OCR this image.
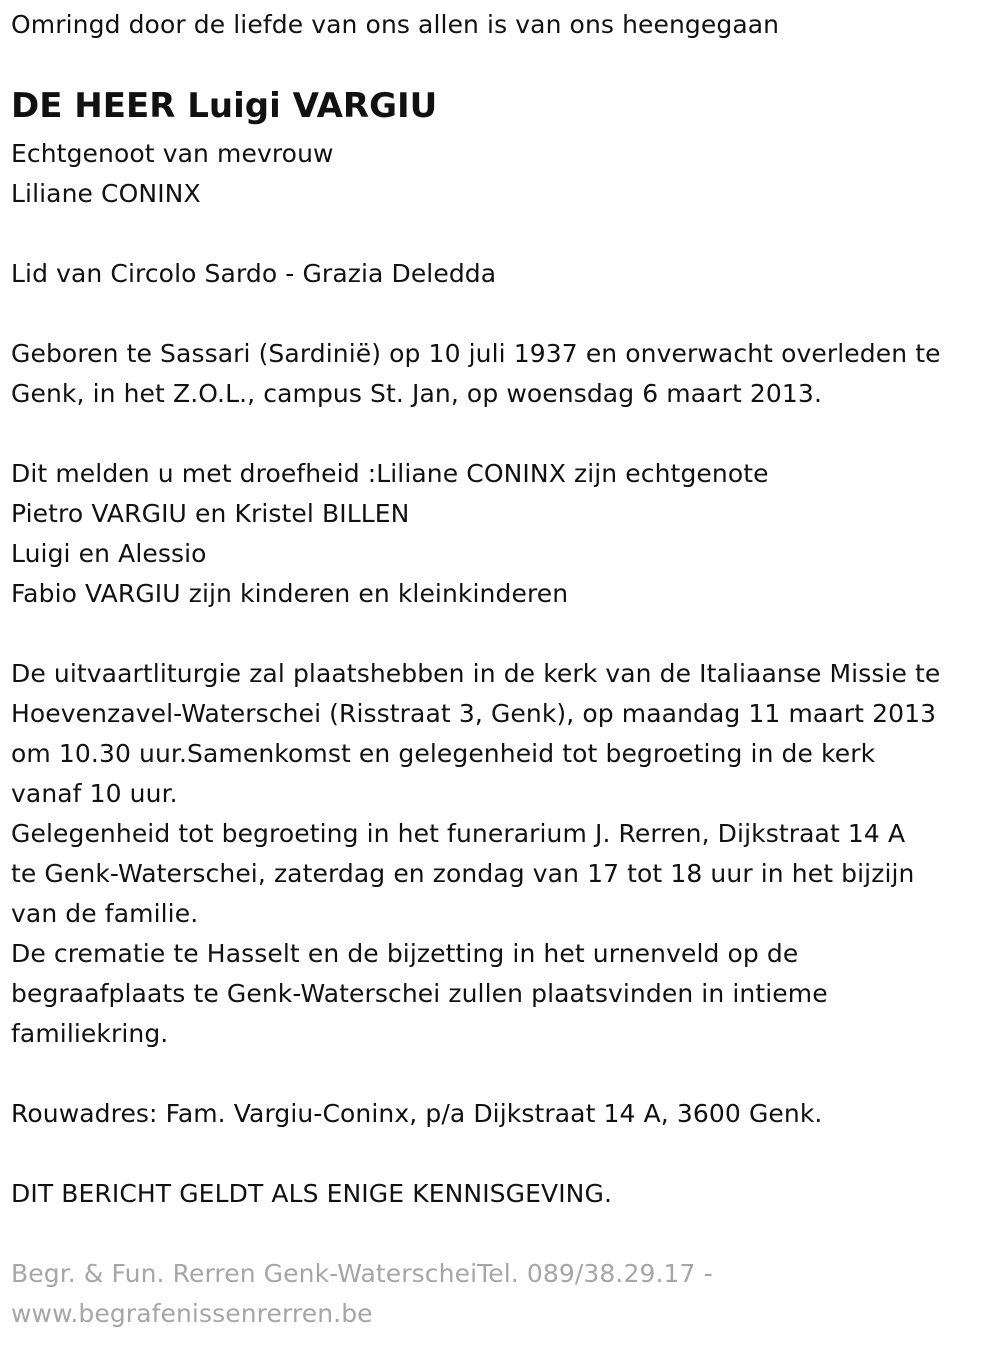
Omringd door de liefde van ons allen is van ons heengegaan
DE HEER Luigi VARGIU
Echtgenoot van mevrouw
Liliane CONINX
Lid van Circolo Sardo - Grazia Deledda
Geboren te Sassari (Sardinië) op 10 juli 1937 en onverwacht overleden te
Genk, in het Z.O.L., campus St. Jan, op woensdag 6 maart 2013.
Dit melden u met droefheid :Liliane CONINX zijn echtgenote
Pietro VARGIU en Kristel BILLEN
Luigi en Alessio
Fabio VARGIU zijn kinderen en kleinkinderen
De uitvaartliturgie zal plaatshebben in de kerk van de Italiaanse Missie te
Hoevenzavel-Waterschei (Risstraat 3, Genk), op maandag 11 maart 2013
om 10.30 uur.Samenkomst en gelegenheid tot begroeting in de kerk
vanaf 10 uur.
Gelegenheid tot begroeting in het funerarium J. Rerren, Dijkstraat 14 A
te Genk-Waterschei, zaterdag en zondag van 17 tot 18 uur in het bijzijn
van de familie.
De crematie te Hasselt en de bijzetting in het urnenveld op de
begraafplaats te Genk-Waterschei zullen plaatsvinden in intieme
familiekring.
Rouwadres: Fam. Vargiu-Coninx, p/a Dijkstraat 14 A, 3600 Genk.
DIT BERICHT GELDT ALS ENIGE KENNISGEVING.
Begr. & Fun. Rerren Genk-WaterscheiTel. 089/38.29.17 -
www.begrafenissenrerren.be
